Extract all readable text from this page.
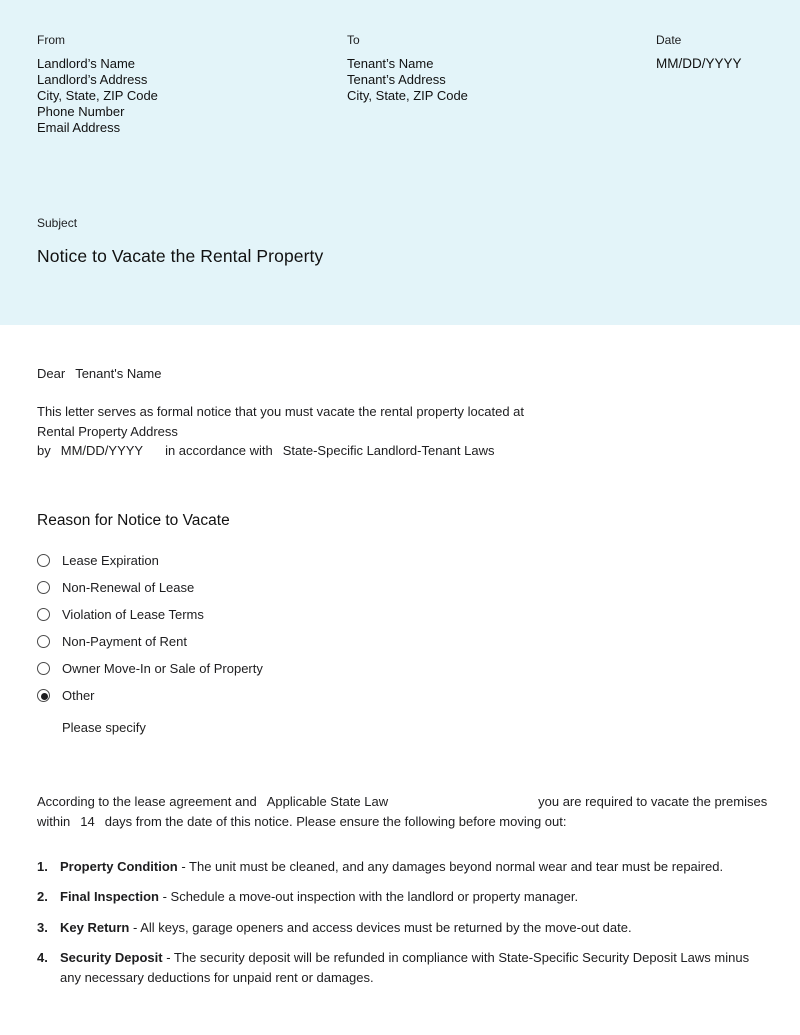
From
Landlord’s Name
Landlord’s Address
City, State, ZIP Code
Phone Number
Email Address
To
Tenant’s Name
Tenant’s Address
City, State, ZIP Code
Date
MM/DD/YYYY
Subject
Notice to Vacate the Rental Property
Dear Tenant's Name
This letter serves as formal notice that you must vacate the rental property located at
Rental Property Address
by MM/DD/YYYY in accordance with State-Specific Landlord-Tenant Laws
Reason for Notice to Vacate
Lease Expiration
Non-Renewal of Lease
Violation of Lease Terms
Non-Payment of Rent
Owner Move-In or Sale of Property
Other
Please specify
According to the lease agreement and Applicable State Law	you are required to vacate the premises
within 14 days from the date of this notice. Please ensure the following before moving out:
1. Property Condition - The unit must be cleaned, and any damages beyond normal wear and tear must be repaired.
2. Final Inspection - Schedule a move-out inspection with the landlord or property manager.
3. Key Return - All keys, garage openers and access devices must be returned by the move-out date.
4. Security Deposit - The security deposit will be refunded in compliance with State-Specific Security Deposit Laws minus any necessary deductions for unpaid rent or damages.
